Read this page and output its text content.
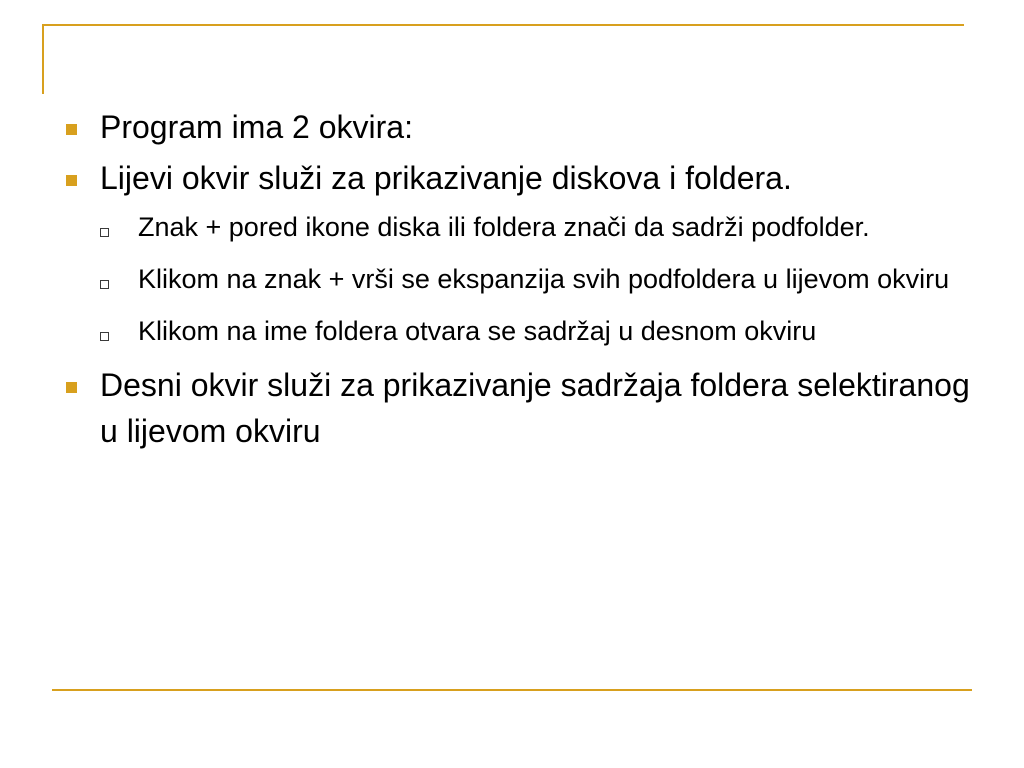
Program ima 2 okvira:
Lijevi okvir služi za prikazivanje diskova i foldera.
Znak + pored ikone diska ili foldera znači da sadrži podfolder.
Klikom na znak + vrši se ekspanzija svih podfoldera u lijevom okviru
Klikom na ime foldera otvara se sadržaj u desnom okviru
Desni okvir služi za prikazivanje sadržaja foldera selektiranog u lijevom okviru
